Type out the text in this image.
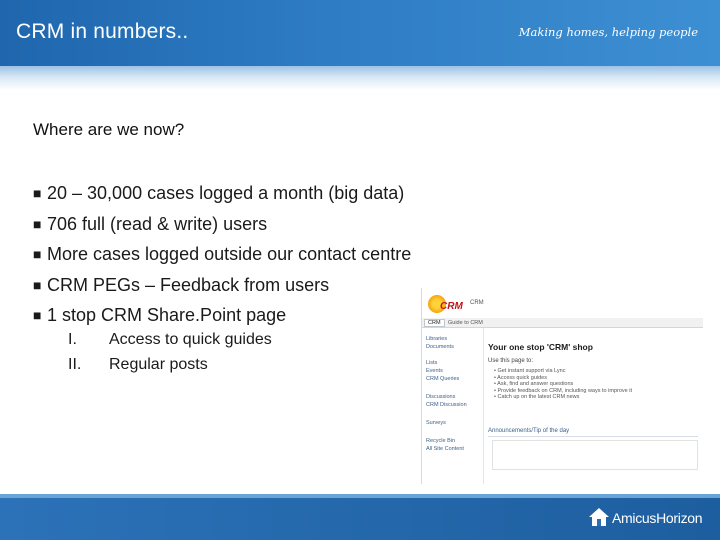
CRM in numbers..	Making homes, helping people
Where are we now?
■ 20 – 30,000 cases logged a month (big data)
■ 706 full (read & write) users
■ More cases logged outside our contact centre
■ CRM PEGs – Feedback from users
■ 1 stop CRM Share.Point page
I. Access to quick guides
II. Regular posts
CRM CRM
CRM	Guide to CRM
Libraries
Documents
Lists
Events
CRM Queries
Discussions
CRM Discussion
Surveys
Recycle Bin
All Site Content
Your one stop 'CRM' shop
Use this page to:
• Get instant support via Lync
• Access quick guides
• Ask, find and answer questions
• Provide feedback on CRM, including ways to improve it
• Catch up on the latest CRM news
Announcements/Tip of the day
AmicusHorizon
